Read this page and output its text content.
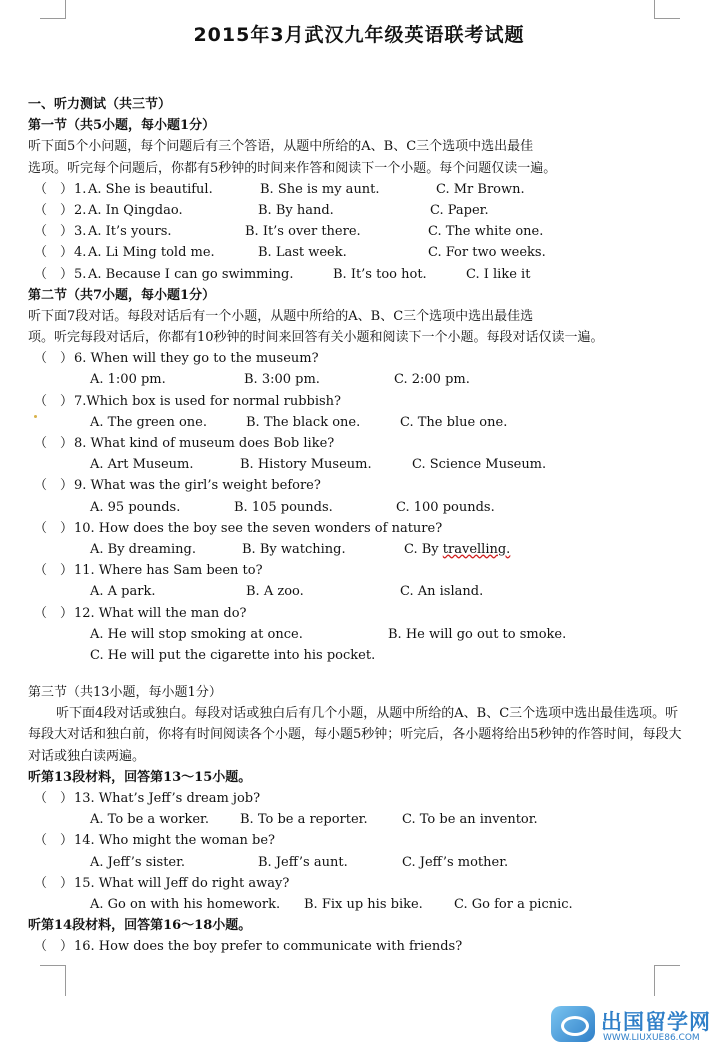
2015年3月武汉九年级英语联考试题
一、听力测试（共三节）
第一节（共5小题，每小题1分）
听下面5个小问题，每个问题后有三个答语，从题中所给的A、B、C三个选项中选出最佳
选项。听完每个问题后，你都有5秒钟的时间来作答和阅读下一个小题。每个问题仅读一遍。
（ ） 1. A. She is beautiful.	B. She is my aunt.	C. Mr Brown.
（ ） 2. A. In Qingdao.	B. By hand.	C. Paper.
（ ） 3. A. It’s yours.	B. It’s over there.	C. The white one.
（ ） 4. A. Li Ming told me.	B. Last week.	C. For two weeks.
（ ） 5. A. Because I can go swimming.	B. It’s too hot.	C. I like it
第二节（共7小题，每小题1分）
听下面7段对话。每段对话后有一个小题，从题中所给的A、B、C三个选项中选出最佳选
项。听完每段对话后，你都有10秒钟的时间来回答有关小题和阅读下一个小题。每段对话仅读一遍。
（ ） 6. When will they go to the museum?
A. 1:00 pm.	B. 3:00 pm.	C. 2:00 pm.
（ ） 7.Which box is used for normal rubbish?
A. The green one.	B. The black one.	C. The blue one.
（ ） 8. What kind of museum does Bob like?
A. Art Museum.	B. History Museum.	C. Science Museum.
（ ） 9. What was the girl’s weight before?
A. 95 pounds.	B. 105 pounds.	C. 100 pounds.
（ ） 10. How does the boy see the seven wonders of nature?
A. By dreaming.	B. By watching.	C. By travelling.
（ ） 11. Where has Sam been to?
A. A park.	B. A zoo.	C. An island.
（ ） 12. What will the man do?
A. He will stop smoking at once.	B. He will go out to smoke.
C. He will put the cigarette into his pocket.
第三节（共13小题，每小题1分）
听下面4段对话或独白。每段对话或独白后有几个小题，从题中所给的A、B、C三个选项中选出最佳选项。听每段大对话和独白前，你将有时间阅读各个小题，每小题5秒钟；听完后，各小题将给出5秒钟的作答时间，每段大对话或独白读两遍。
听第13段材料，回答第13～15小题。
（ ） 13. What’s Jeff’s dream job?
A. To be a worker. B. To be a reporter.	C. To be an inventor.
（ ） 14. Who might the woman be?
A. Jeff’s sister.	B. Jeff’s aunt.	C. Jeff’s mother.
（ ） 15. What will Jeff do right away?
A. Go on with his homework. B. Fix up his bike. C. Go for a picnic.
听第14段材料，回答第16～18小题。
（ ） 16. How does the boy prefer to communicate with friends?
出国留学网
WWW.LIUXUE86.COM
